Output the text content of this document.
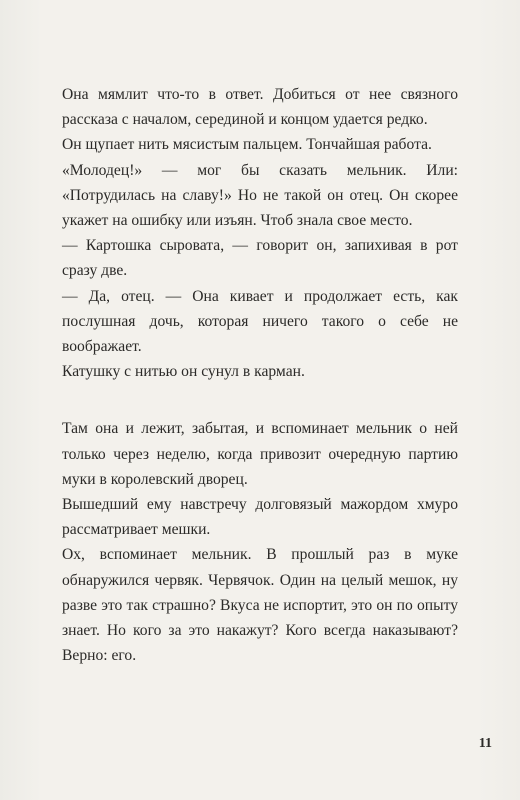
Она мямлит что-то в ответ. Добиться от нее связного рассказа с началом, серединой и концом удается редко.

Он щупает нить мясистым пальцем. Тончайшая работа.

«Молодец!» — мог бы сказать мельник. Или: «Потрудилась на славу!» Но не такой он отец. Он скорее укажет на ошибку или изъян. Чтоб знала свое место.

— Картошка сыровата, — говорит он, запихивая в рот сразу две.

— Да, отец. — Она кивает и продолжает есть, как послушная дочь, которая ничего такого о себе не воображает.

Катушку с нитью он сунул в карман.

Там она и лежит, забытая, и вспоминает мельник о ней только через неделю, когда привозит очередную партию муки в королевский дворец.

Вышедший ему навстречу долговязый мажордом хмуро рассматривает мешки.

Ох, вспоминает мельник. В прошлый раз в муке обнаружился червяк. Червячок. Один на целый мешок, ну разве это так страшно? Вкуса не испортит, это он по опыту знает. Но кого за это накажут? Кого всегда наказывают? Верно: его.

11
